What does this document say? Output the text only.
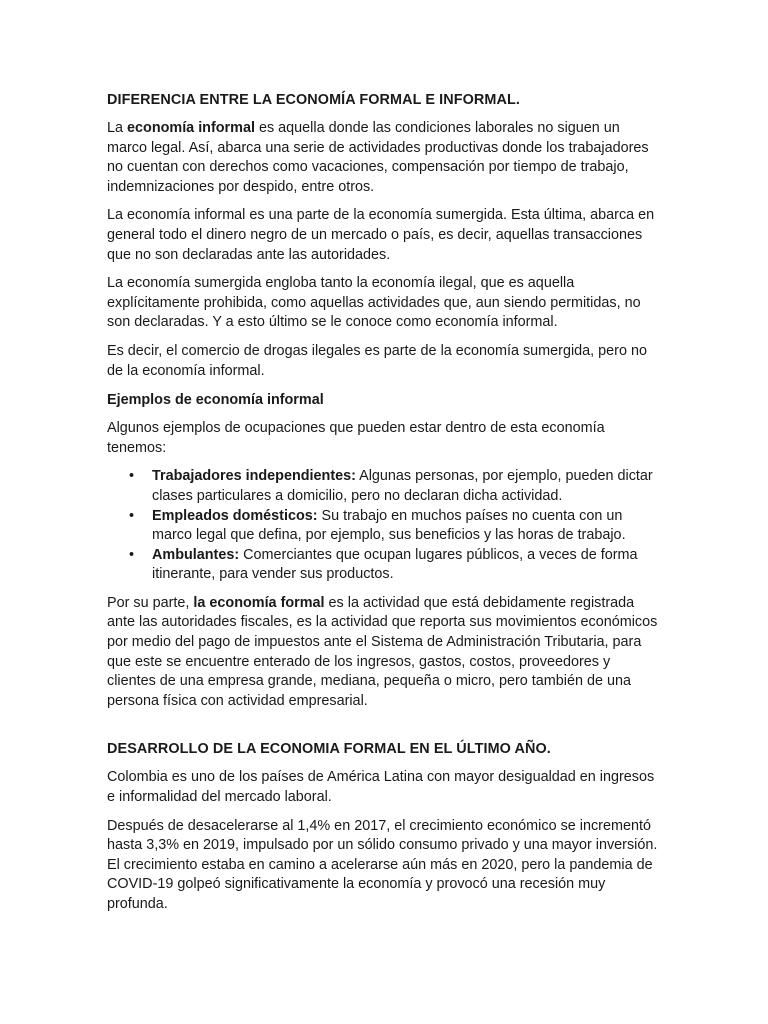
DIFERENCIA ENTRE LA ECONOMÍA FORMAL E INFORMAL.

La economía informal es aquella donde las condiciones laborales no siguen un marco legal. Así, abarca una serie de actividades productivas donde los trabajadores no cuentan con derechos como vacaciones, compensación por tiempo de trabajo, indemnizaciones por despido, entre otros.

La economía informal es una parte de la economía sumergida. Esta última, abarca en general todo el dinero negro de un mercado o país, es decir, aquellas transacciones que no son declaradas ante las autoridades.

La economía sumergida engloba tanto la economía ilegal, que es aquella explícitamente prohibida, como aquellas actividades que, aun siendo permitidas, no son declaradas. Y a esto último se le conoce como economía informal.

Es decir, el comercio de drogas ilegales es parte de la economía sumergida, pero no de la economía informal.

Ejemplos de economía informal

Algunos ejemplos de ocupaciones que pueden estar dentro de esta economía tenemos:

• Trabajadores independientes: Algunas personas, por ejemplo, pueden dictar clases particulares a domicilio, pero no declaran dicha actividad.
• Empleados domésticos: Su trabajo en muchos países no cuenta con un marco legal que defina, por ejemplo, sus beneficios y las horas de trabajo.
• Ambulantes: Comerciantes que ocupan lugares públicos, a veces de forma itinerante, para vender sus productos.

Por su parte, la economía formal es la actividad que está debidamente registrada ante las autoridades fiscales, es la actividad que reporta sus movimientos económicos por medio del pago de impuestos ante el Sistema de Administración Tributaria, para que este se encuentre enterado de los ingresos, gastos, costos, proveedores y clientes de una empresa grande, mediana, pequeña o micro, pero también de una persona física con actividad empresarial.

DESARROLLO DE LA ECONOMIA FORMAL EN EL ÚLTIMO AÑO.

Colombia es uno de los países de América Latina con mayor desigualdad en ingresos e informalidad del mercado laboral.

Después de desacelerarse al 1,4% en 2017, el crecimiento económico se incrementó hasta 3,3% en 2019, impulsado por un sólido consumo privado y una mayor inversión. El crecimiento estaba en camino a acelerarse aún más en 2020, pero la pandemia de COVID-19 golpeó significativamente la economía y provocó una recesión muy profunda.
